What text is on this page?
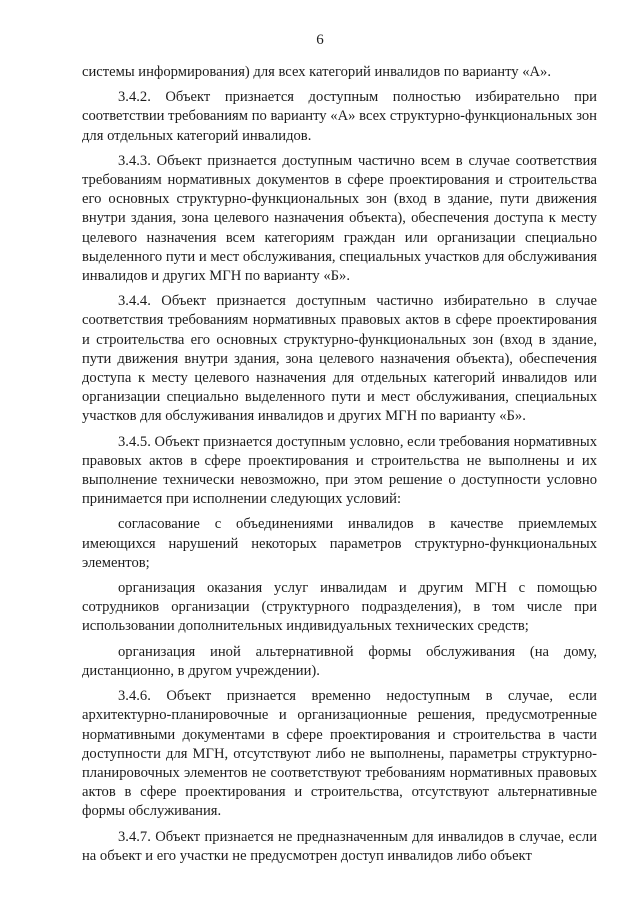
6

системы информирования) для всех категорий инвалидов по варианту «А».

3.4.2. Объект признается доступным полностью избирательно при соответствии требованиям по варианту «А» всех структурно-функциональных зон для отдельных категорий инвалидов.

3.4.3. Объект признается доступным частично всем в случае соответствия требованиям нормативных документов в сфере проектирования и строительства его основных структурно-функциональных зон (вход в здание, пути движения внутри здания, зона целевого назначения объекта), обеспечения доступа к месту целевого назначения всем категориям граждан или организации специально выделенного пути и мест обслуживания, специальных участков для обслуживания инвалидов и других МГН по варианту «Б».

3.4.4. Объект признается доступным частично избирательно в случае соответствия требованиям нормативных правовых актов в сфере проектирования и строительства его основных структурно-функциональных зон (вход в здание, пути движения внутри здания, зона целевого назначения объекта), обеспечения доступа к месту целевого назначения для отдельных категорий инвалидов или организации специально выделенного пути и мест обслуживания, специальных участков для обслуживания инвалидов и других МГН по варианту «Б».

3.4.5. Объект признается доступным условно, если требования нормативных правовых актов в сфере проектирования и строительства не выполнены и их выполнение технически невозможно, при этом решение о доступности условно принимается при исполнении следующих условий:

согласование с объединениями инвалидов в качестве приемлемых имеющихся нарушений некоторых параметров структурно-функциональных элементов;

организация оказания услуг инвалидам и другим МГН с помощью сотрудников организации (структурного подразделения), в том числе при использовании дополнительных индивидуальных технических средств;

организация иной альтернативной формы обслуживания (на дому, дистанционно, в другом учреждении).

3.4.6. Объект признается временно недоступным в случае, если архитектурно-планировочные и организационные решения, предусмотренные нормативными документами в сфере проектирования и строительства в части доступности для МГН, отсутствуют либо не выполнены, параметры структурно-планировочных элементов не соответствуют требованиям нормативных правовых актов в сфере проектирования и строительства, отсутствуют альтернативные формы обслуживания.

3.4.7. Объект признается не предназначенным для инвалидов в случае, если на объект и его участки не предусмотрен доступ инвалидов либо объект
